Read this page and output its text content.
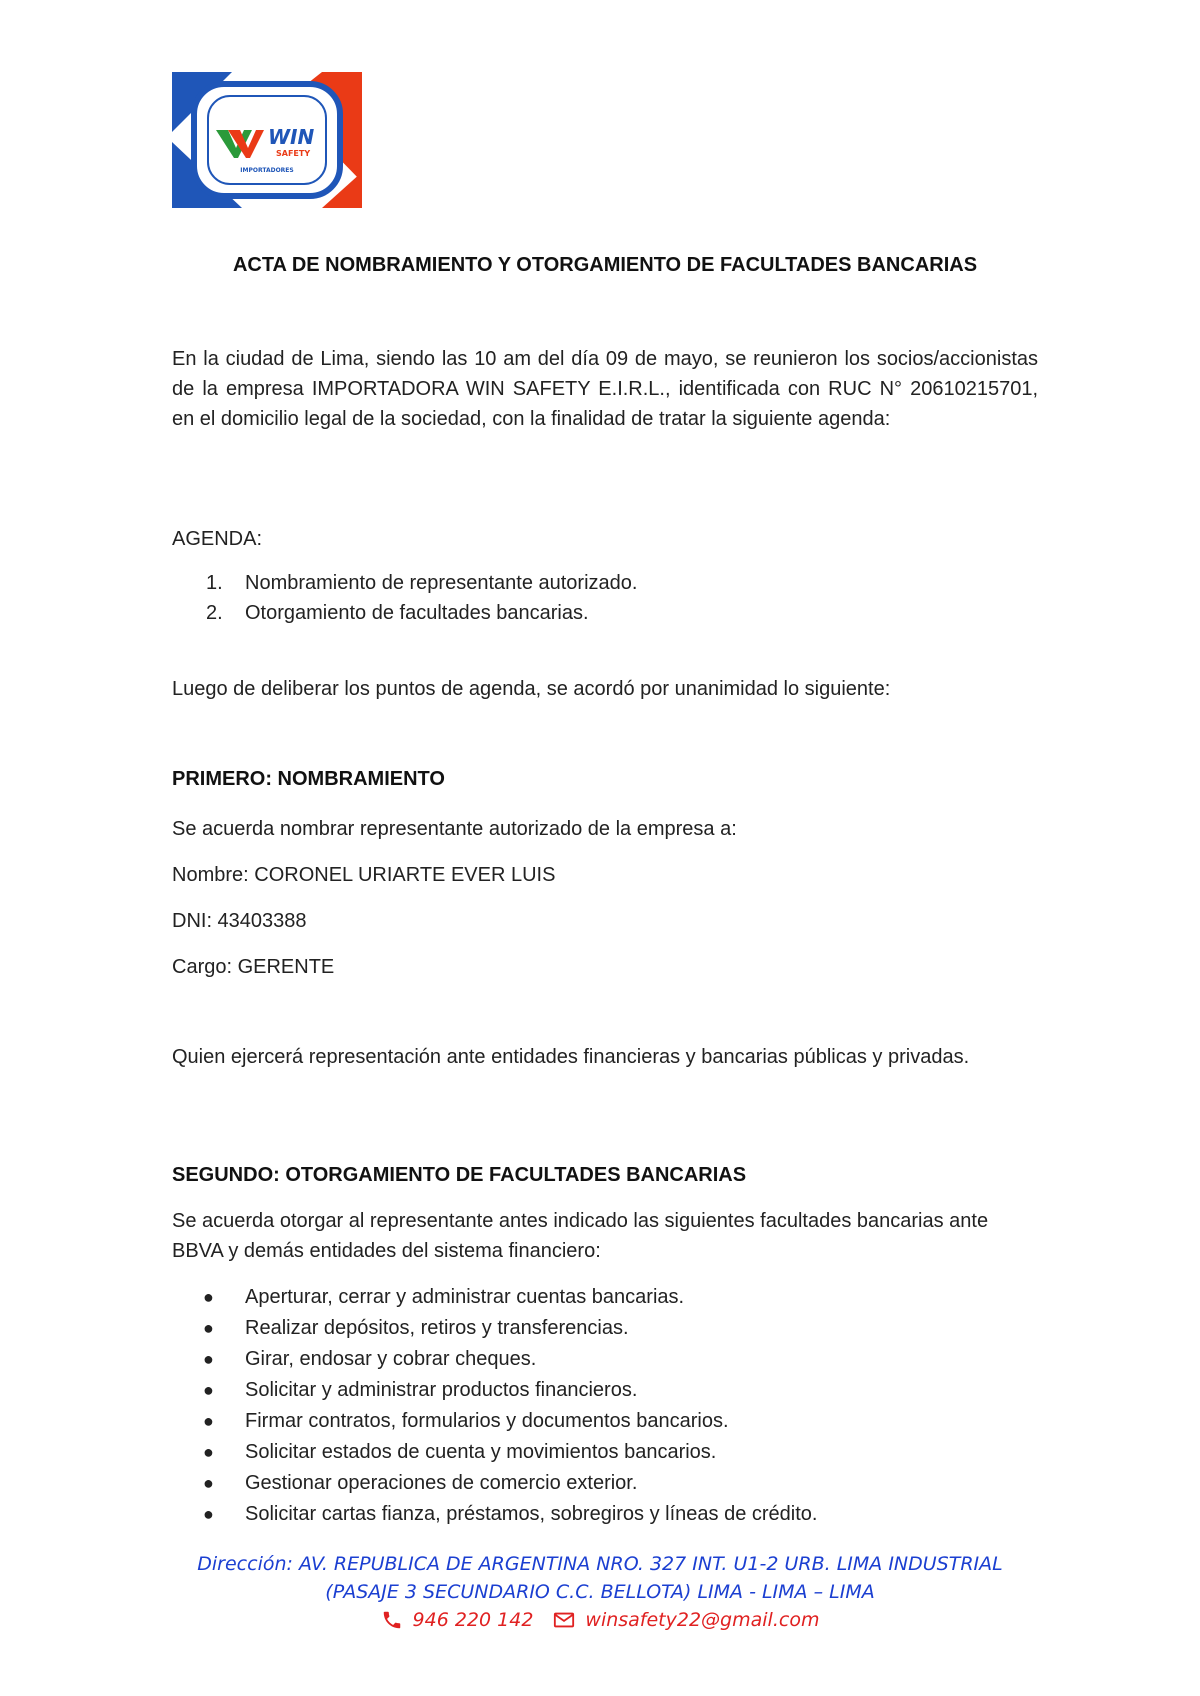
WIN
SAFETY
IMPORTADORES
ACTA DE NOMBRAMIENTO Y OTORGAMIENTO DE FACULTADES BANCARIAS

En la ciudad de Lima, siendo las 10 am del día 09 de mayo, se reunieron los socios/accionistas de la empresa IMPORTADORA WIN SAFETY E.I.R.L., identificada con RUC N° 20610215701, en el domicilio legal de la sociedad, con la finalidad de tratar la siguiente agenda:

AGENDA:

1. Nombramiento de representante autorizado.
2. Otorgamiento de facultades bancarias.

Luego de deliberar los puntos de agenda, se acordó por unanimidad lo siguiente:

PRIMERO: NOMBRAMIENTO

Se acuerda nombrar representante autorizado de la empresa a:

Nombre: CORONEL URIARTE EVER LUIS

DNI: 43403388

Cargo: GERENTE

Quien ejercerá representación ante entidades financieras y bancarias públicas y privadas.

SEGUNDO: OTORGAMIENTO DE FACULTADES BANCARIAS

Se acuerda otorgar al representante antes indicado las siguientes facultades bancarias ante BBVA y demás entidades del sistema financiero:

● Aperturar, cerrar y administrar cuentas bancarias.
● Realizar depósitos, retiros y transferencias.
● Girar, endosar y cobrar cheques.
● Solicitar y administrar productos financieros.
● Firmar contratos, formularios y documentos bancarios.
● Solicitar estados de cuenta y movimientos bancarios.
● Gestionar operaciones de comercio exterior.
● Solicitar cartas fianza, préstamos, sobregiros y líneas de crédito.
Dirección: AV. REPUBLICA DE ARGENTINA NRO. 327 INT. U1-2 URB. LIMA INDUSTRIAL
(PASAJE 3 SECUNDARIO C.C. BELLOTA) LIMA - LIMA – LIMA
946 220 142	winsafety22@gmail.com
